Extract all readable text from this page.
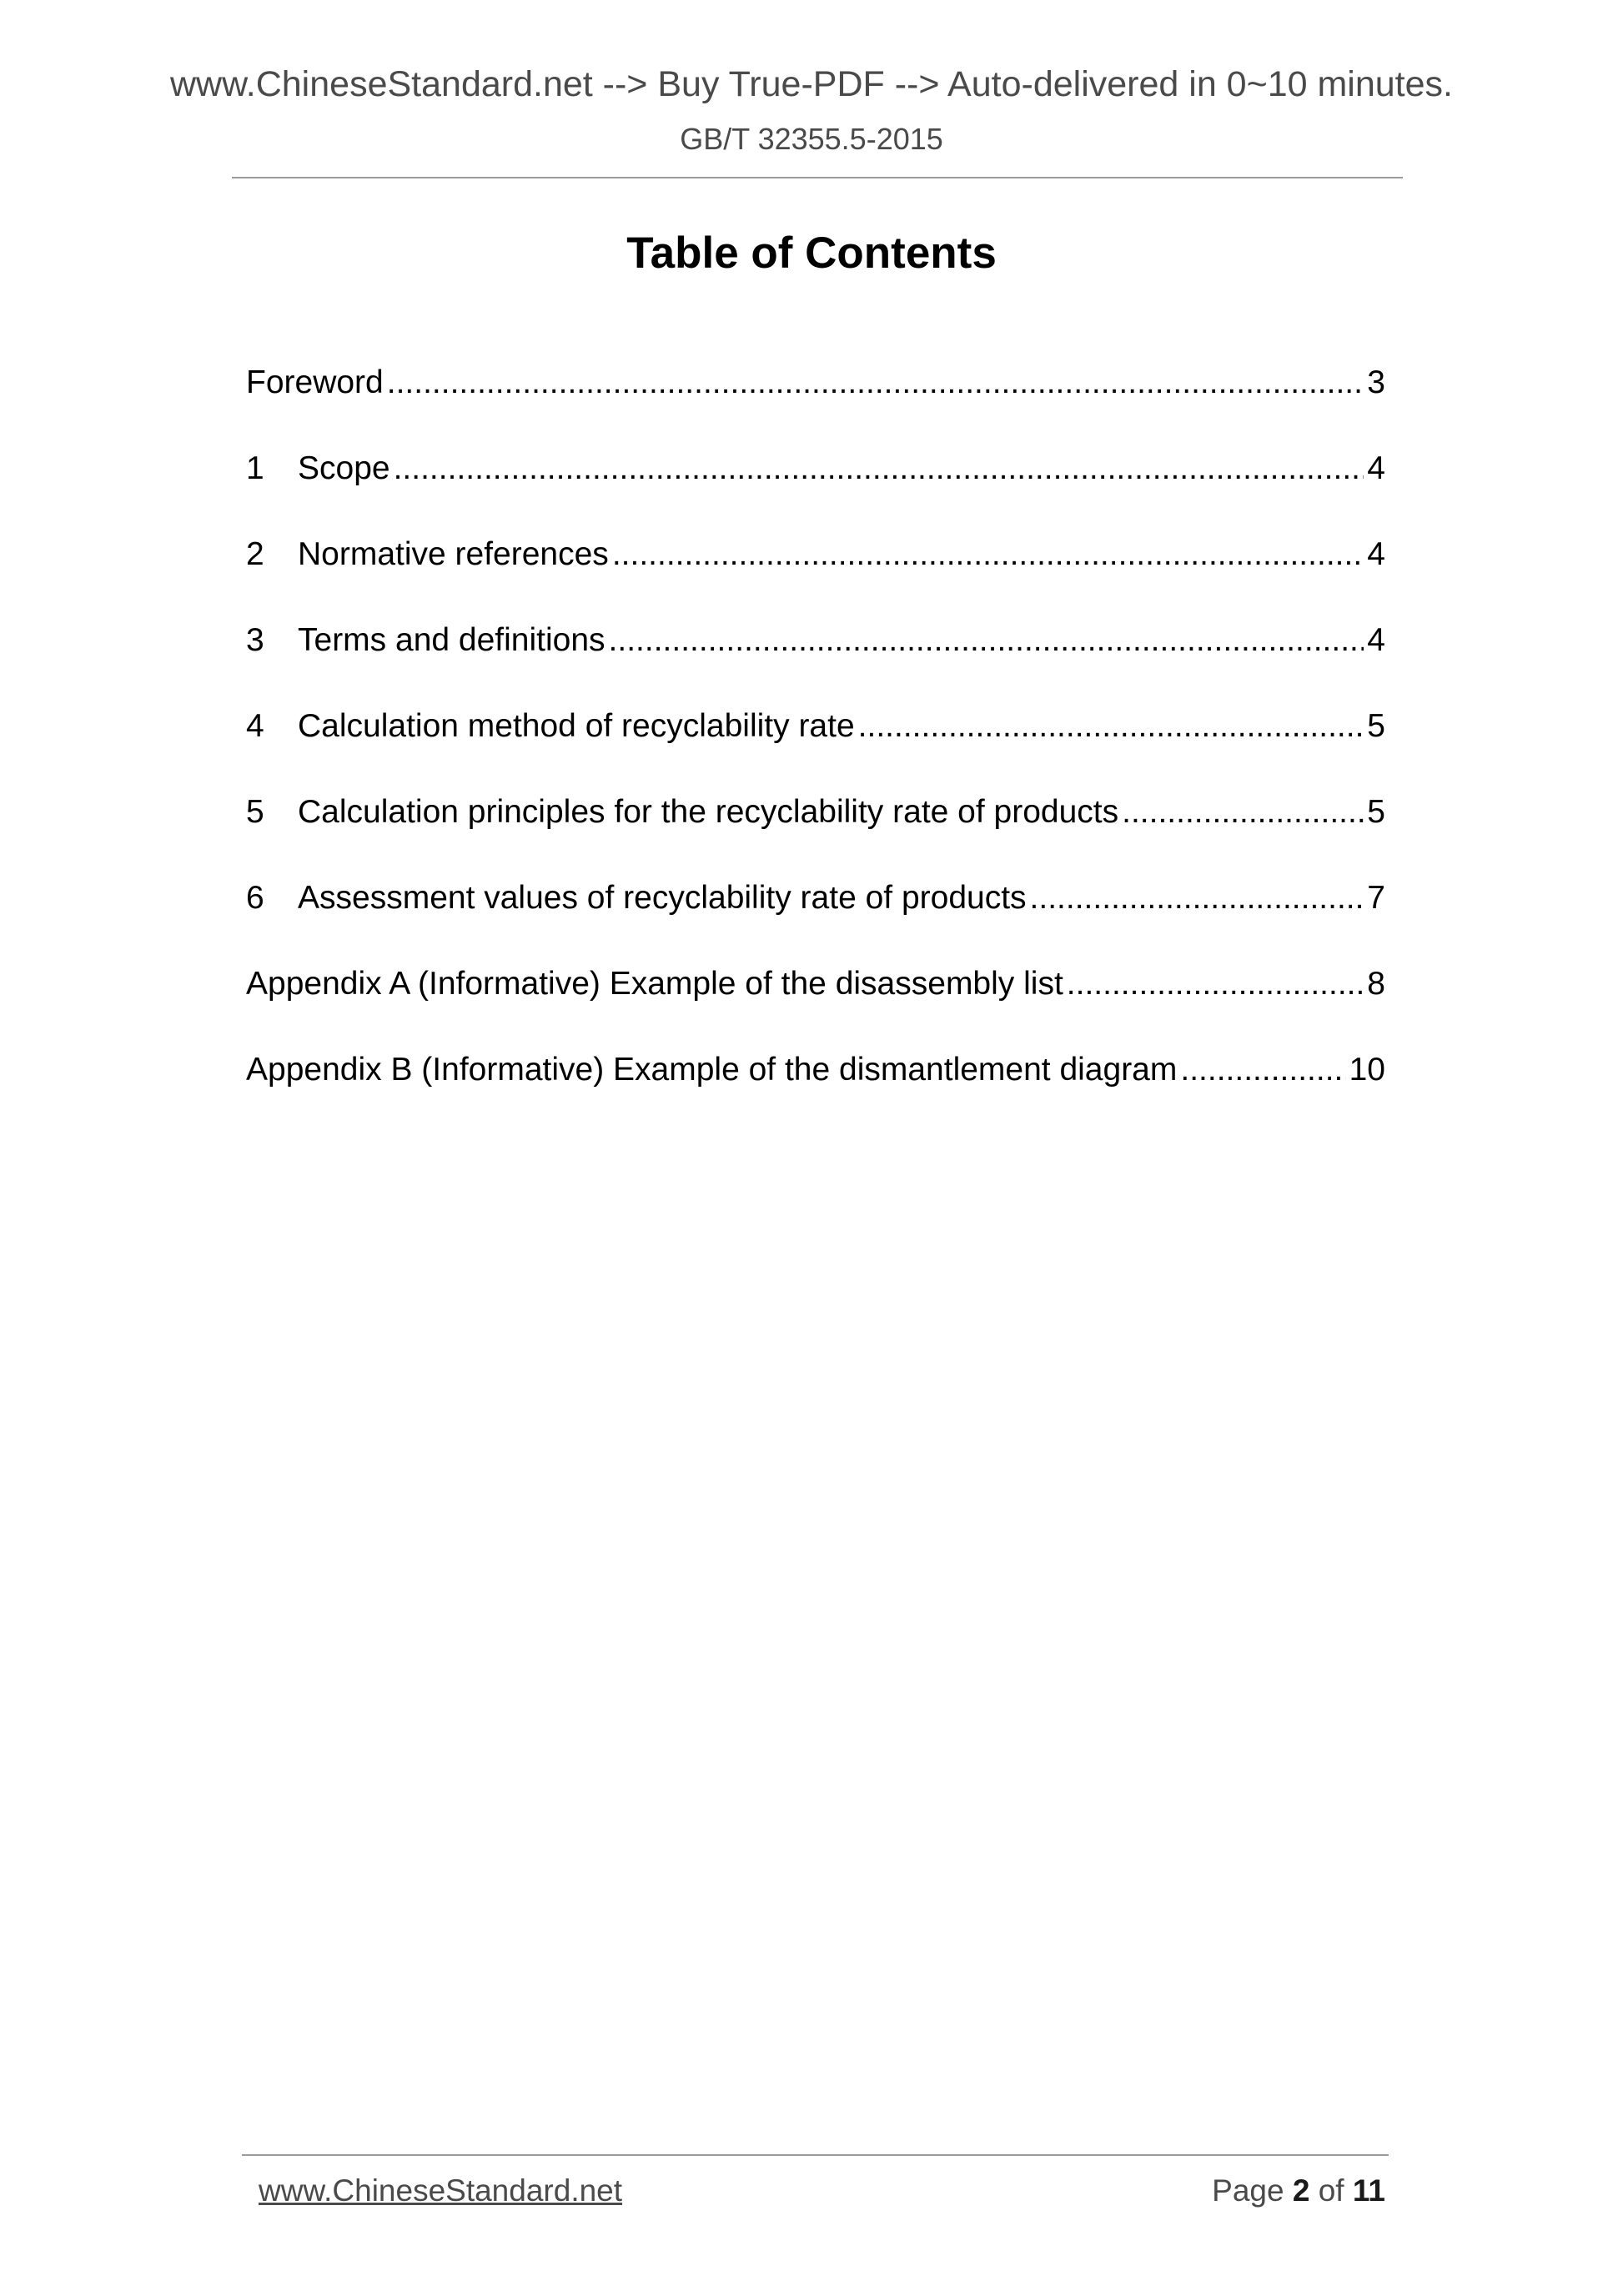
www.ChineseStandard.net --> Buy True-PDF --> Auto-delivered in 0~10 minutes.
GB/T 32355.5-2015
Table of Contents
Foreword .....	3
1	Scope .....	4
2	Normative references .....	4
3	Terms and definitions .....	4
4	Calculation method of recyclability rate .....	5
5	Calculation principles for the recyclability rate of products .....	5
6	Assessment values of recyclability rate of products .....	7
Appendix A (Informative) Example of the disassembly list .....	8
Appendix B (Informative) Example of the dismantlement diagram .....	10
www.ChineseStandard.net	Page 2 of 11
